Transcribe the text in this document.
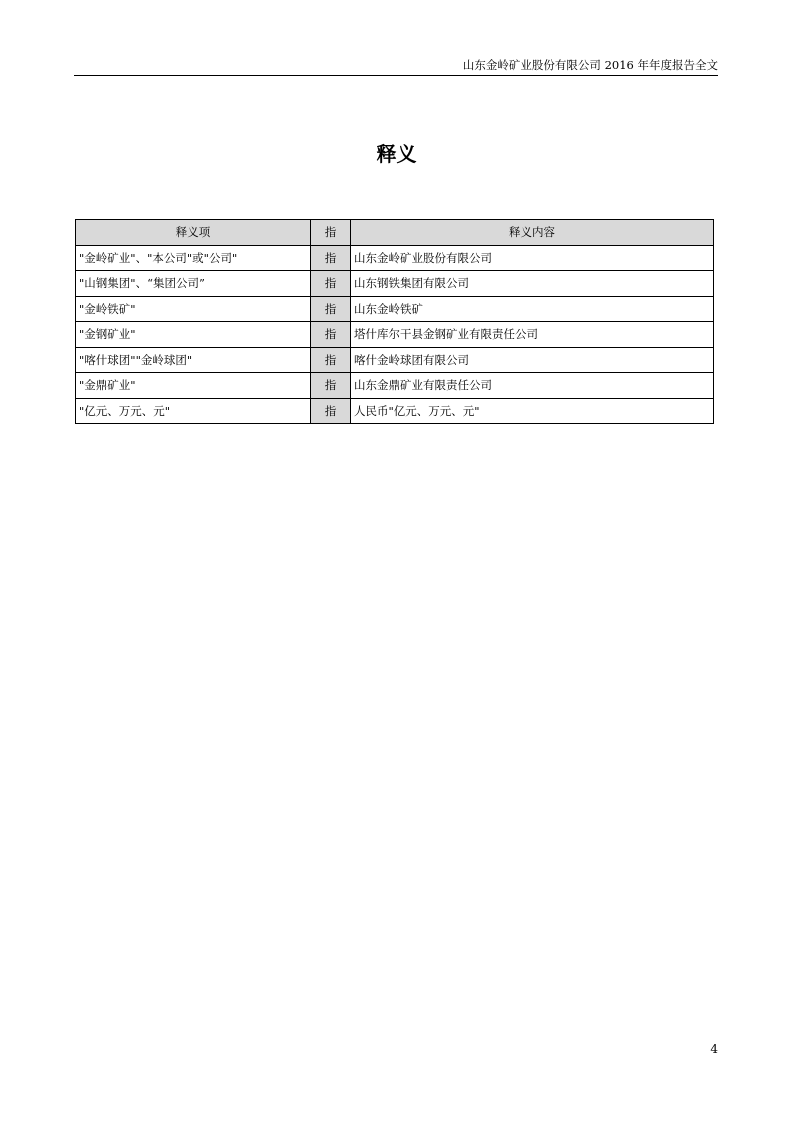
山东金岭矿业股份有限公司 2016 年年度报告全文
释义
释义项	指	释义内容
"金岭矿业"、"本公司"或"公司"	指	山东金岭矿业股份有限公司
"山钢集团"、“集团公司”	指	山东钢铁集团有限公司
"金岭铁矿"	指	山东金岭铁矿
"金钢矿业"	指	塔什库尔干县金钢矿业有限责任公司
"喀什球团""金岭球团"	指	喀什金岭球团有限公司
"金鼎矿业"	指	山东金鼎矿业有限责任公司
"亿元、万元、元"	指	人民币"亿元、万元、元"
4
